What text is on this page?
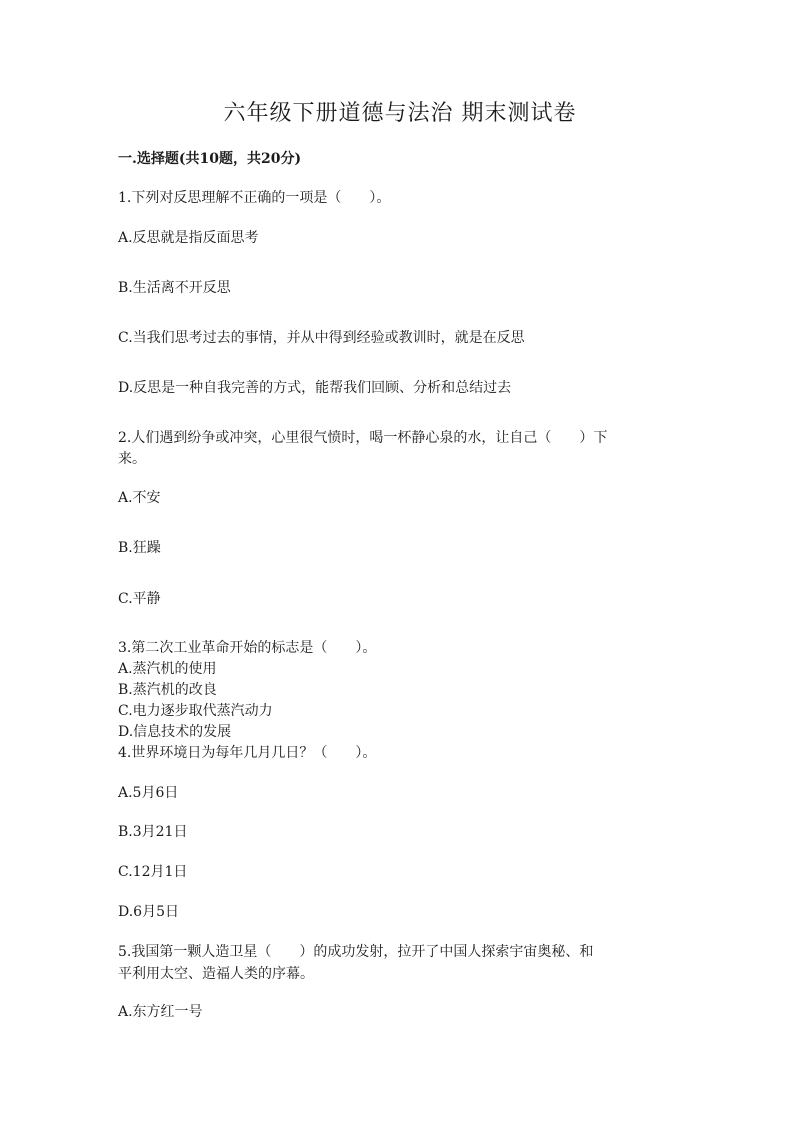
六年级下册道德与法治 期末测试卷

一.选择题(共10题，共20分)

1.下列对反思理解不正确的一项是（　　）。

A.反思就是指反面思考

B.生活离不开反思

C.当我们思考过去的事情，并从中得到经验或教训时，就是在反思

D.反思是一种自我完善的方式，能帮我们回顾、分析和总结过去

2.人们遇到纷争或冲突，心里很气愤时，喝一杯静心泉的水，让自己（　　）下

来。

A.不安

B.狂躁

C.平静

3.第二次工业革命开始的标志是（　　）。

A.蒸汽机的使用

B.蒸汽机的改良

C.电力逐步取代蒸汽动力

D.信息技术的发展

4.世界环境日为每年几月几日？（　　）。

A.5月6日

B.3月21日

C.12月1日

D.6月5日

5.我国第一颗人造卫星（　　）的成功发射，拉开了中国人探索宇宙奥秘、和

平利用太空、造福人类的序幕。

A.东方红一号
